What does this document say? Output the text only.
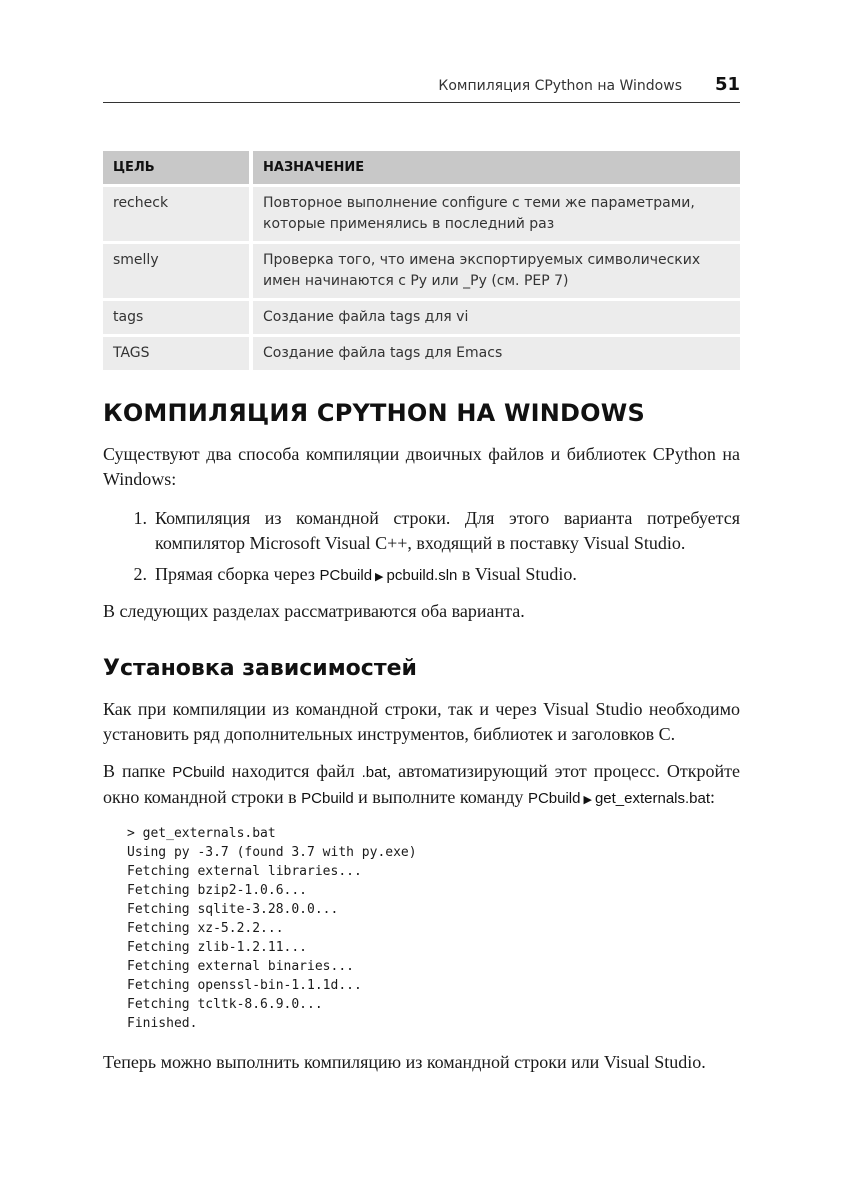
Компиляция CPython на Windows 51
ЦЕЛЬ	НАЗНАЧЕНИЕ
recheck	Повторное выполнение configure с теми же параметрами, которые применялись в последний раз
smelly	Проверка того, что имена экспортируемых символических имен начинаются с Py или _Py (см. PEP 7)
tags	Создание файла tags для vi
TAGS	Создание файла tags для Emacs
КОМПИЛЯЦИЯ CPYTHON НА WINDOWS
Существуют два способа компиляции двоичных файлов и библиотек CPython на Windows:
1. Компиляция из командной строки. Для этого варианта потребуется компилятор Microsoft Visual C++, входящий в поставку Visual Studio.
2. Прямая сборка через PCbuild ▶ pcbuild.sln в Visual Studio.
В следующих разделах рассматриваются оба варианта.
Установка зависимостей
Как при компиляции из командной строки, так и через Visual Studio необходимо установить ряд дополнительных инструментов, библиотек и заголовков C.
В папке PCbuild находится файл .bat, автоматизирующий этот процесс. Откройте окно командной строки в PCbuild и выполните команду PCbuild ▶ get_externals.bat:
> get_externals.bat
Using py -3.7 (found 3.7 with py.exe)
Fetching external libraries...
Fetching bzip2-1.0.6...
Fetching sqlite-3.28.0.0...
Fetching xz-5.2.2...
Fetching zlib-1.2.11...
Fetching external binaries...
Fetching openssl-bin-1.1.1d...
Fetching tcltk-8.6.9.0...
Finished.
Теперь можно выполнить компиляцию из командной строки или Visual Studio.
